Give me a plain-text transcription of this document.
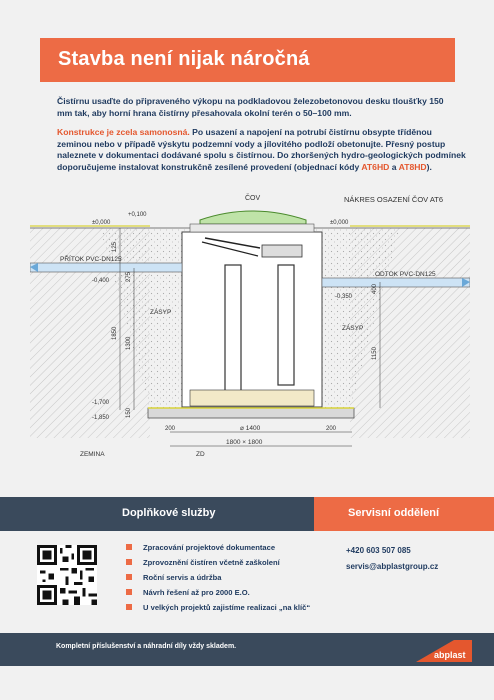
Stavba není nijak náročná
Čistírnu usaďte do připraveného výkopu na podkladovou železobetonovou desku tloušťky 150 mm tak, aby horní hrana čistírny přesahovala okolní terén o 50–100 mm.
Konstrukce je zcela samonosná. Po usazení a napojení na potrubí čistírnu obsypte tříděnou zeminou nebo v případě výskytu podzemní vody a jílovitého podloží obetonujte. Přesný postup naleznete v dokumentaci dodávané spolu s čistírnou. Do zhoršených hydro-geologických podmínek doporučujeme instalovat konstrukčně zesílené provedení (objednací kódy AT6HD a AT8HD).
NÁKRES OSAZENÍ ČOV AT6
ČOV
±0,000
+0,100
±0,000
PŘÍTOK PVC-DN125
-0,400
ODTOK PVC-DN125
-0,350
ZÁSYP
ZÁSYP
125
275
1850
1300
150
400
1150
-1,700
-1,850
200	⌀ 1400	200
1800 × 1800
ZEMINA	ZD
Doplňkové služby	Servisní oddělení
Zpracování projektové dokumentace
Zprovoznění čistíren včetně zaškolení
Roční servis a údržba
Návrh řešení až pro 2000 E.O.
U velkých projektů zajistíme realizaci „na klíč“
+420 603 507 085
servis@abplastgroup.cz
Kompletní příslušenství a náhradní díly vždy skladem.
abplast
